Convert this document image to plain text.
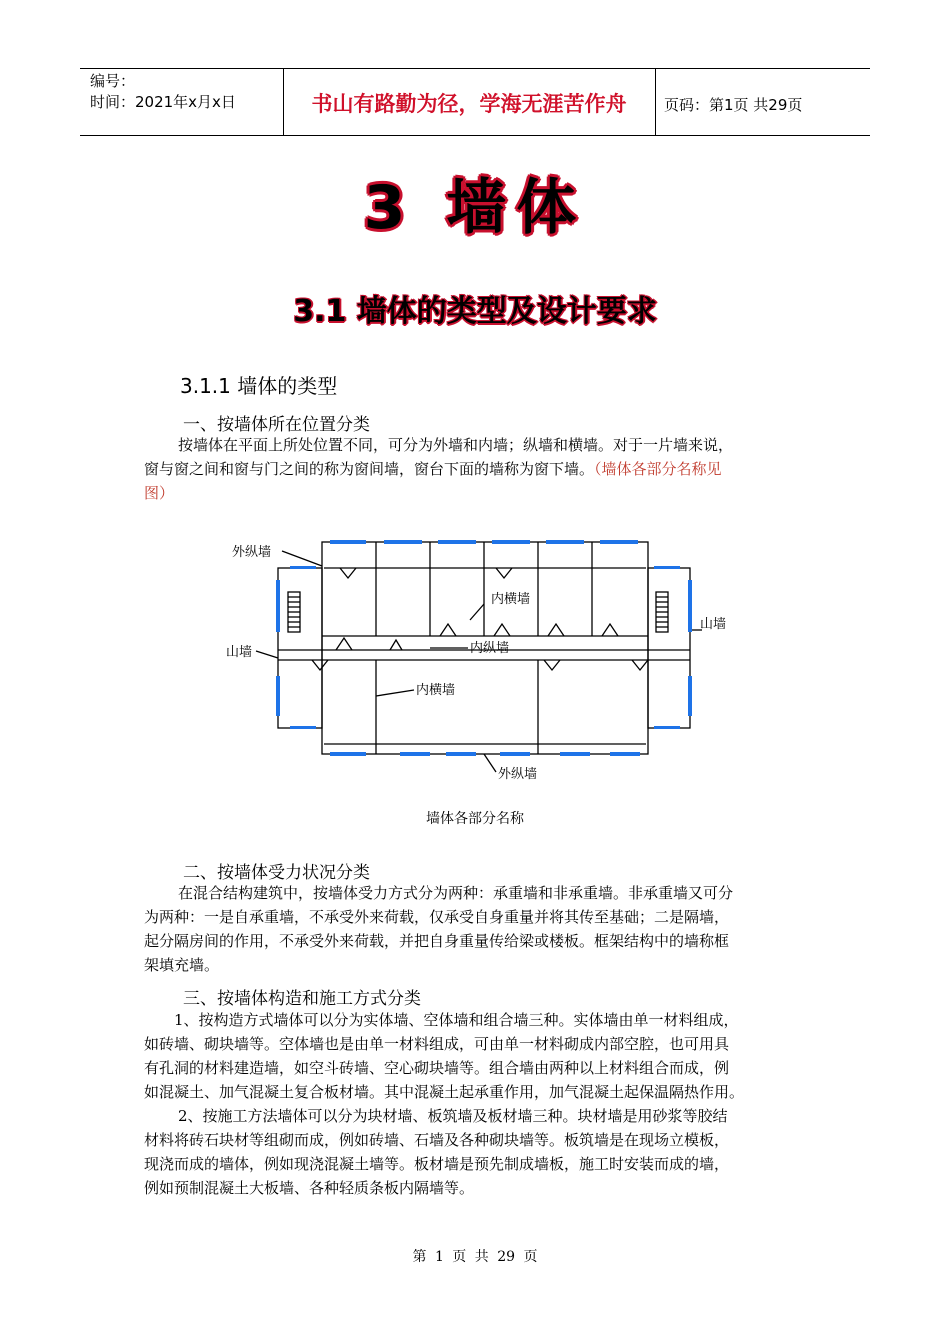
编号：
时间：2021年x月x日	书山有路勤为径，学海无涯苦作舟	页码：第1页 共29页
3 墙体
3.1 墙体的类型及设计要求
3.1.1 墙体的类型
一、按墙体所在位置分类
按墙体在平面上所处位置不同，可分为外墙和内墙；纵墙和横墙。对于一片墙来说，
窗与窗之间和窗与门之间的称为窗间墙，窗台下面的墙称为窗下墙。（墙体各部分名称见
图）
外纵墙
内横墙
山墙
山墙	内纵墙
内横墙
外纵墙
墙体各部分名称
二、按墙体受力状况分类
在混合结构建筑中，按墙体受力方式分为两种：承重墙和非承重墙。非承重墙又可分
为两种：一是自承重墙，不承受外来荷载，仅承受自身重量并将其传至基础；二是隔墙，
起分隔房间的作用，不承受外来荷载，并把自身重量传给梁或楼板。框架结构中的墙称框
架填充墙。
三、按墙体构造和施工方式分类
1、按构造方式墙体可以分为实体墙、空体墙和组合墙三种。实体墙由单一材料组成，
如砖墙、砌块墙等。空体墙也是由单一材料组成，可由单一材料砌成内部空腔，也可用具
有孔洞的材料建造墙，如空斗砖墙、空心砌块墙等。组合墙由两种以上材料组合而成，例
如混凝土、加气混凝土复合板材墙。其中混凝土起承重作用，加气混凝土起保温隔热作用。
2、按施工方法墙体可以分为块材墙、板筑墙及板材墙三种。块材墙是用砂浆等胶结
材料将砖石块材等组砌而成，例如砖墙、石墙及各种砌块墙等。板筑墙是在现场立模板，
现浇而成的墙体，例如现浇混凝土墙等。板材墙是预先制成墙板，施工时安装而成的墙，
例如预制混凝土大板墙、各种轻质条板内隔墙等。
第 1 页 共 29 页
